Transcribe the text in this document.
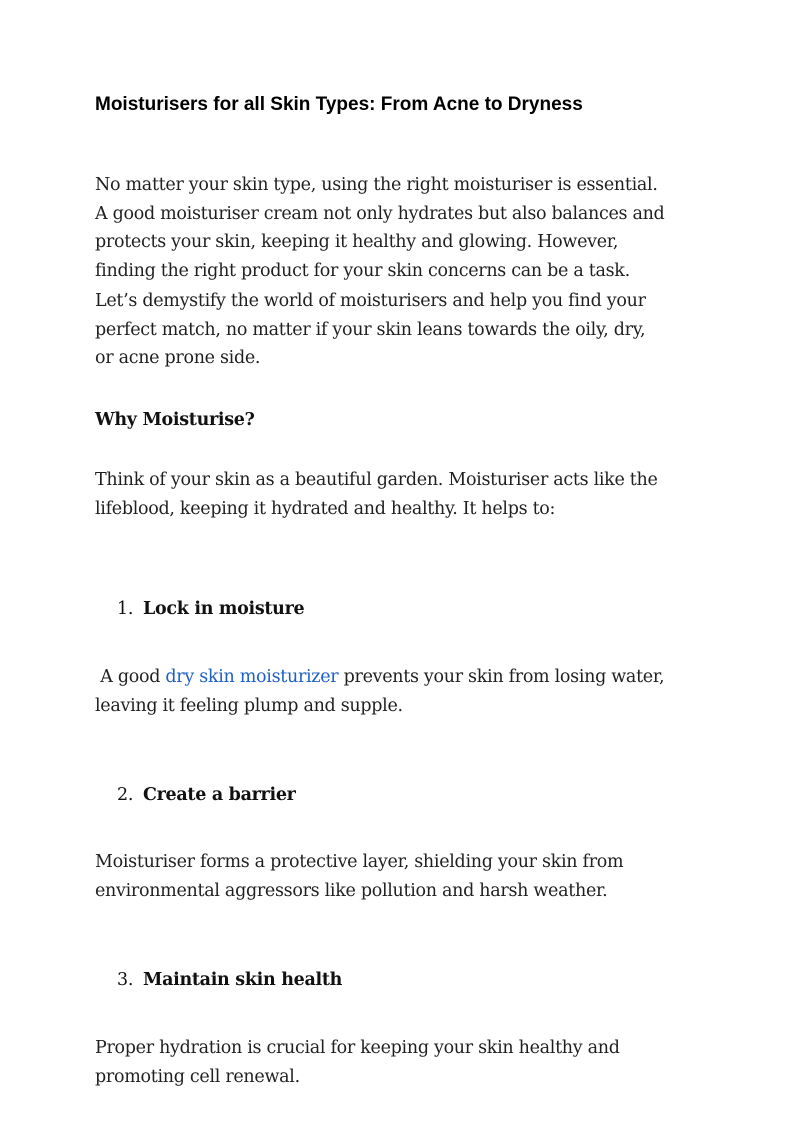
Moisturisers for all Skin Types: From Acne to Dryness

No matter your skin type, using the right moisturiser is essential.
A good moisturiser cream not only hydrates but also balances and
protects your skin, keeping it healthy and glowing. However,
finding the right product for your skin concerns can be a task.
Let’s demystify the world of moisturisers and help you find your
perfect match, no matter if your skin leans towards the oily, dry,
or acne prone side.

Why Moisturise?

Think of your skin as a beautiful garden. Moisturiser acts like the
lifeblood, keeping it hydrated and healthy. It helps to:

1. Lock in moisture

A good dry skin moisturizer prevents your skin from losing water,
leaving it feeling plump and supple.

2. Create a barrier

Moisturiser forms a protective layer, shielding your skin from
environmental aggressors like pollution and harsh weather.

3. Maintain skin health

Proper hydration is crucial for keeping your skin healthy and
promoting cell renewal.
